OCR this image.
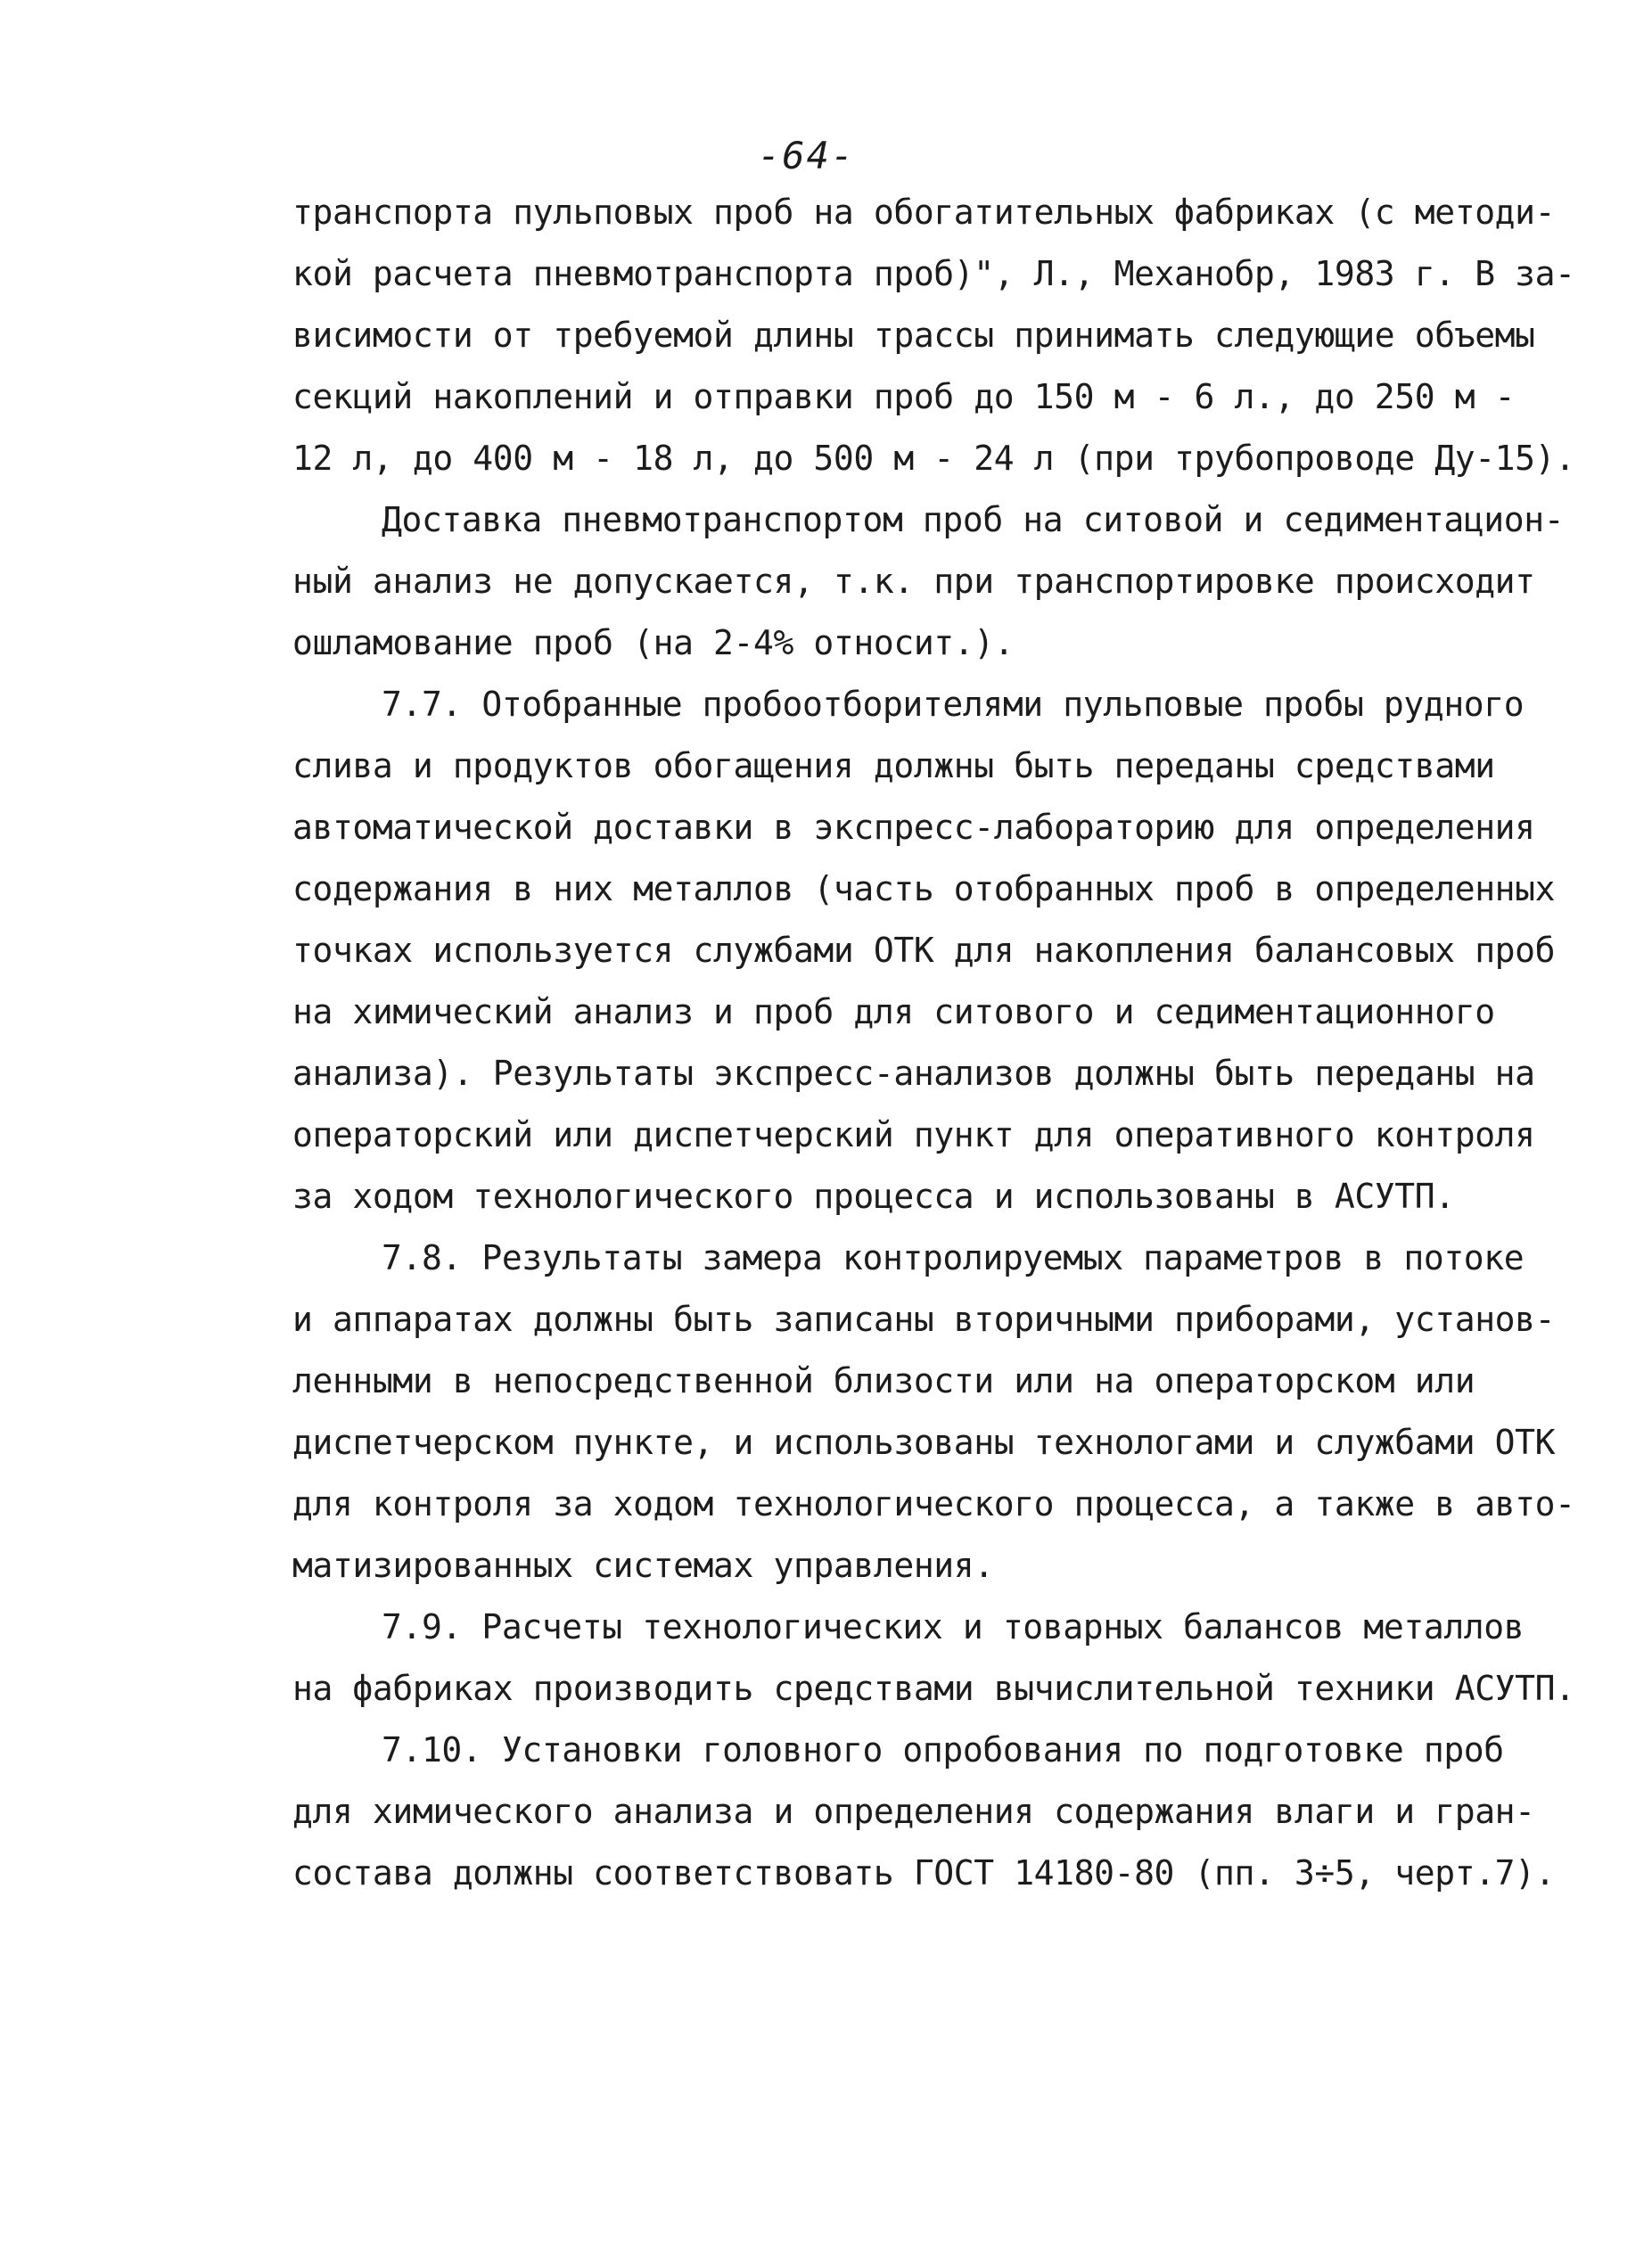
-64-
транспорта пульповых проб на обогатительных фабриках (с методи-
кой расчета пневмотранспорта проб)", Л., Механобр, 1983 г. В за-
висимости от требуемой длины трассы принимать следующие объемы
секций накоплений и отправки проб до 150 м - 6 л., до 250 м -
12 л, до 400 м - 18 л, до 500 м - 24 л (при трубопроводе Ду-15).
Доставка пневмотранспортом проб на ситовой и седиментацион-
ный анализ не допускается, т.к. при транспортировке происходит
ошламование проб (на 2-4% относит.).
7.7. Отобранные пробоотборителями пульповые пробы рудного
слива и продуктов обогащения должны быть переданы средствами
автоматической доставки в экспресс-лабораторию для определения
содержания в них металлов (часть отобранных проб в определенных
точках используется службами ОТК для накопления балансовых проб
на химический анализ и проб для ситового и седиментационного
анализа). Результаты экспресс-анализов должны быть переданы на
операторский или диспетчерский пункт для оперативного контроля
за ходом технологического процесса и использованы в АСУТП.
7.8. Результаты замера контролируемых параметров в потоке
и аппаратах должны быть записаны вторичными приборами, установ-
ленными в непосредственной близости или на операторском или
диспетчерском пункте, и использованы технологами и службами ОТК
для контроля за ходом технологического процесса, а также в авто-
матизированных системах управления.
7.9. Расчеты технологических и товарных балансов металлов
на фабриках производить средствами вычислительной техники АСУТП.
7.10. Установки головного опробования по подготовке проб
для химического анализа и определения содержания влаги и гран-
состава должны соответствовать ГОСТ 14180-80 (пп. 3÷5, черт.7).
